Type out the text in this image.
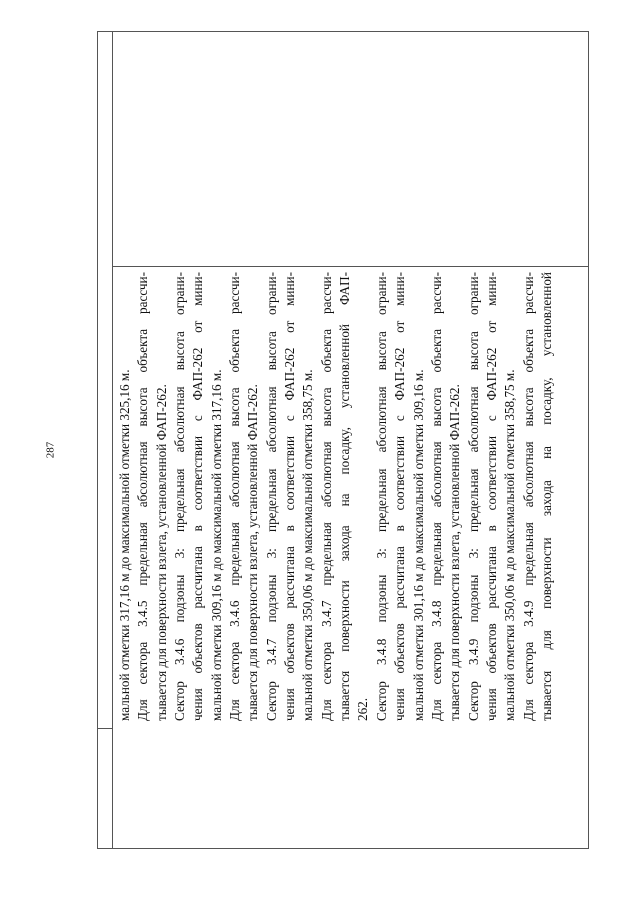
287	мальной отметки 317,16 м до максимальной отметки 325,16 м. Для сектора 3.4.5 предельная абсолютная высота объекта рассчи- тывается для поверхности взлета, установленной ФАП-262. Сектор 3.4.6 подзоны 3: предельная абсолютная высота ограни- чения объектов рассчитана в соответствии с ФАП-262 от мини- мальной отметки 309,16 м до максимальной отметки 317,16 м. Для сектора 3.4.6 предельная абсолютная высота объекта рассчи- тывается для поверхности взлета, установленной ФАП-262. Сектор 3.4.7 подзоны 3: предельная абсолютная высота ограни- чения объектов рассчитана в соответствии с ФАП-262 от мини- мальной отметки 350,06 м до максимальной отметки 358,75 м. Для сектора 3.4.7 предельная абсолютная высота объекта рассчи- тывается поверхности захода на посадку, установленной ФАП- 262. Сектор 3.4.8 подзоны 3: предельная абсолютная высота ограни- чения объектов рассчитана в соответствии с ФАП-262 от мини- мальной отметки 301,16 м до максимальной отметки 309,16 м. Для сектора 3.4.8 предельная абсолютная высота объекта рассчи- тывается для поверхности взлета, установленной ФАП-262. Сектор 3.4.9 подзоны 3: предельная абсолютная высота ограни- чения объектов рассчитана в соответствии с ФАП-262 от мини- мальной отметки 350,06 м до максимальной отметки 358,75 м. Для сектора 3.4.9 предельная абсолютная высота объекта рассчи- тывается для поверхности захода на посадку, установленной
